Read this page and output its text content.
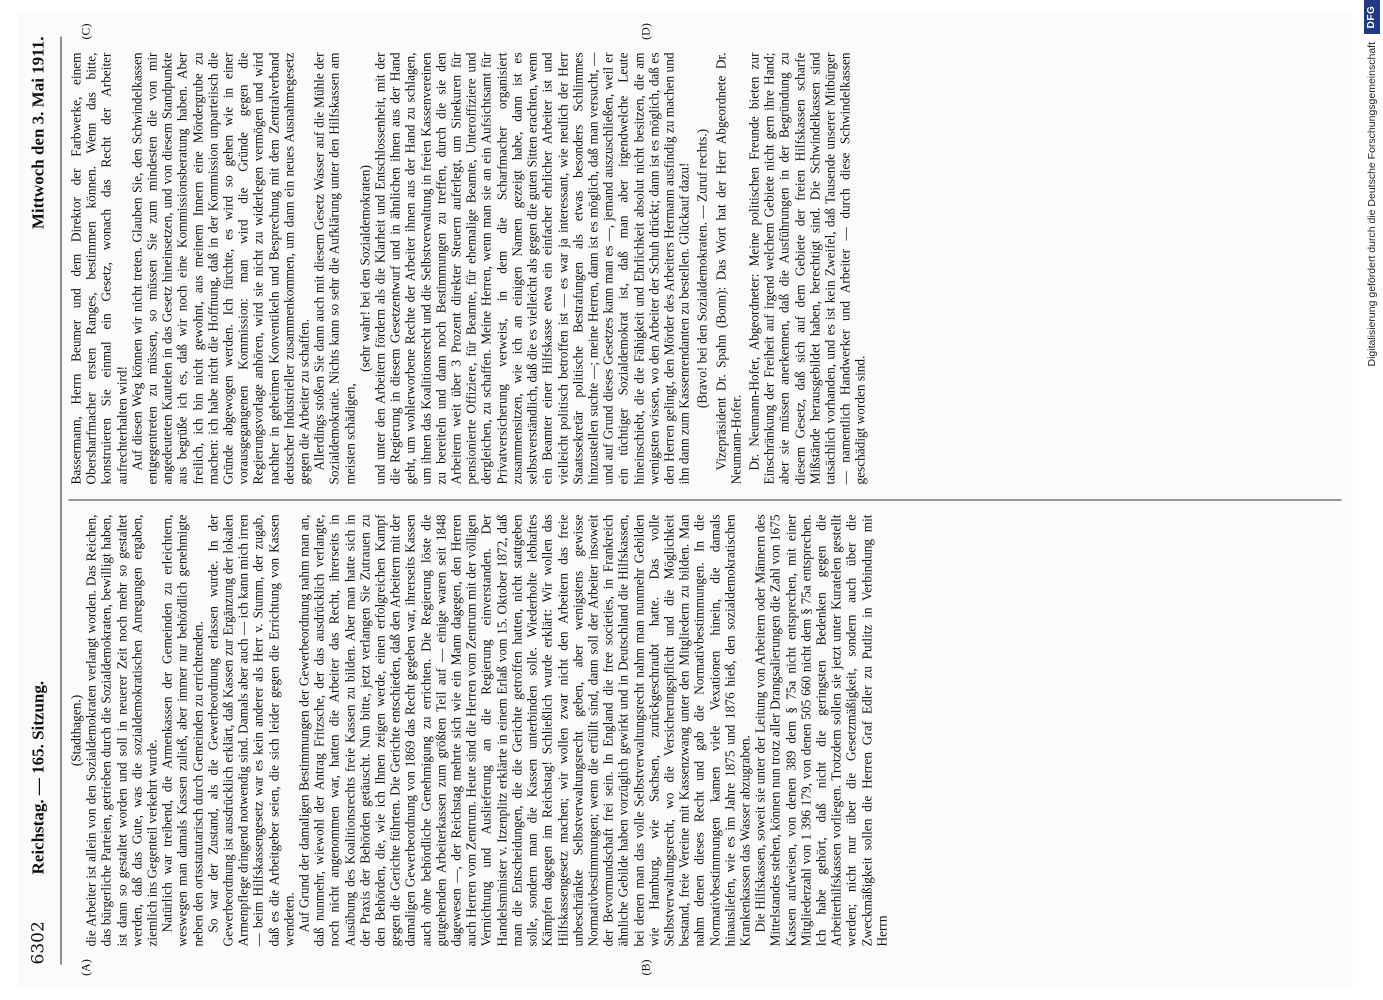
6302
Reichstag. — 165. Sitzung.
Mittwoch den 3. Mai 1911.
(A)	(B)
(C)	(D)

(Stadthagen.) die Arbeiter ist allein von den Sozialdemokraten verlangt worden. Das Reichen, das bürgerliche Parteien, getrieben durch die Sozialdemokraten, bewilligt haben, ist dann so gestaltet worden und soll in neuerer Zeit noch mehr so gestaltet werden, daß das Gute, was die sozialdemokratischen Anregungen ergaben, ziemlich ins Gegenteil verkehrt wurde. Natürlich war treibend, die Armenkassen der Gemeinden zu erleichtern, weswegen man damals Kassen zuließ, aber immer nur behördlich genehmigte neben den ortsstatutarisch durch Gemeinden zu errichtenden. So war der Zustand, als die Gewerbeordnung erlassen wurde. In der Gewerbeordnung ist ausdrücklich erklärt, daß Kassen zur Ergänzung der lokalen Armenpflege dringend notwendig sind. Damals aber auch — ich kann mich irren — beim Hilfskassengesetz war es kein anderer als Herr v. Stumm, der zugab, daß es die Arbeitgeber seien, die sich leider gegen die Errichtung von Kassen wendeten. Auf Grund der damaligen Bestimmungen der Gewerbeordnung nahm man an, daß nunmehr, wiewohl der Antrag Fritzsche, der das ausdrücklich verlangte, noch nicht angenommen war, hatten die Arbeiter das Recht, ihrerseits in Ausübung des Koalitionsrechts freie Kassen zu bilden. Aber man hatte sich in der Praxis der Behörden getäuscht. Nun bitte, jetzt verlangen Sie Zutrauen zu den Behörden, die, wie ich Ihnen zeigen werde, einen erfolgreichen Kampf gegen die Gerichte führten. Die Gerichte entschieden, daß den Arbeitern mit der damaligen Gewerbeordnung von 1869 das Recht gegeben war, ihrerseits Kassen auch ohne behördliche Genehmigung zu errichten. Die Regierung löste die gutgehenden Arbeiterkassen zum größten Teil auf — einige waren seit 1848 dagewesen —, der Reichstag mehrte sich wie ein Mann dagegen, den Herren auch Herren vom Zentrum. Heute sind die Herren vom Zentrum mit der völligen Vernichtung und Auslieferung an die Regierung einverstanden. Der Handelsminister v. Itzenplitz erklärte in einem Erlaß vom 15. Oktober 1872, daß man die Entscheidungen, die die Gerichte getroffen hatten, nicht stattgeben solle, sondern man die Kassen unterbinden solle. Wiederholte lebhaftes Kämpfen dagegen im Reichstag! Schließlich wurde erklärt: Wir wollen das Hilfskassengesetz machen; wir wollen zwar nicht den Arbeitern das freie unbeschränkte Selbstverwaltungsrecht geben, aber wenigstens gewisse Normativbestimmungen; wenn die erfüllt sind, dann soll der Arbeiter insoweit der Bevormundschaft frei sein. In England die free societies, in Frankreich ähnliche Gebilde haben vorzüglich gewirkt und in Deutschland die Hilfskassen, bei denen man das volle Selbstverwaltungsrecht nahm man nunmehr Gebilden wie Hamburg, wie Sachsen, zurückgeschraubt hatte. Das volle Selbstverwaltungsrecht, wo die Versicherungspflicht und die Möglichkeit bestand, freie Vereine mit Kassenzwang unter den Mitgliedern zu bilden. Man nahm denen dieses Recht und gab die Normativbestimmungen. In die Normativbestimmungen kamen viele Vexationen hinein, die damals hinausliefen, wie es im Jahre 1875 und 1876 hieß, den sozialdemokratischen Krankenkassen das Wasser abzugraben. Die Hilfskassen, soweit sie unter der Leitung von Arbeitern oder Männern des Mittelstandes stehen, können nun trotz aller Drangsalierungen die Zahl von 1675 Kassen aufweisen, von denen 389 dem § 75a nicht entsprechen, mit einer Mitgliederzahl von 1 396 179, von denen 505 660 nicht dem § 75a entsprechen. Ich habe gehört, daß nicht die geringsten Bedenken gegen die Arbeiterhilfskassen vorliegen. Trotzdem sollen sie jetzt unter Kuratelen gestellt werden; nicht nur über die Gesetzmäßigkeit, sondern auch über die Zweckmäßigkeit sollen die Herren Graf Edler zu Putlitz in Verbindung mit Herrn

Bassermann, Herrn Beumer und dem Direktor der Farbwerke, einem Obersharfmacher ersten Ranges, bestimmen können. Wenn das bitte, konstruieren Sie einmal ein Gesetz, wonach das Recht der Arbeiter aufrechterhalten wird! Auf diesen Weg können wir nicht treten. Glauben Sie, den Schwindelkassen entgegentreten zu müssen, so müssen Sie zum mindesten die von mir angedeuteten Kautelen in das Gesetz hineinsetzen, und von diesem Standpunkte aus begrüße ich es, daß wir noch eine Kommissionsberatung haben. Aber freilich, ich bin nicht gewohnt, aus meinem Innern eine Mördergrube zu machen: ich habe nicht die Hoffnung, daß in der Kommission unparteiisch die Gründe abgewogen werden. Ich fürchte, es wird so gehen wie in einer vorausgegangenen Kommission: man wird die Gründe gegen die Regierungsvorlage anhören, wird sie nicht zu widerlegen vermögen und wird nachher in geheimen Konventikeln und Besprechung mit dem Zentralverband deutscher Industrieller zusammenkommen, um dann ein neues Ausnahmegesetz gegen die Arbeiter zu schaffen. Allerdings stoßen Sie dann auch mit diesem Gesetz Wasser auf die Mühle der Sozialdemokratie. Nichts kann so sehr die Aufklärung unter den Hilfskassen am meisten schädigen,

(sehr wahr! bei den Sozialdemokraten) und unter den Arbeitern fördern als die Klarheit und Entschlossenheit, mit der die Regierung in diesem Gesetzentwurf und in ähnlichen ihnen aus der Hand geht, um wohlerworbene Rechte der Arbeiter ihnen aus der Hand zu schlagen, um ihnen das Koalitionsrecht und die Selbstverwaltung in freien Kassenvereinen zu bereiteln und dann noch Bestimmungen zu treffen, durch die sie den Arbeitern weit über 3 Prozent direkter Steuern auferlegt, um Sinekuren für pensionierte Offiziere, für Beamte, für ehemalige Beamte, Unteroffiziere und dergleichen, zu schaffen. Meine Herren, wenn man sie an ein Aufsichtsamt für Privatversicherung verweist, in dem die Scharfmacher organisiert zusammensitzen, wie ich an einigen Namen gezeigt habe, dann ist es selbstverständlich, daß die es vielleicht als gegen die guten Sitten erachten, wenn ein Beamter einer Hilfskasse etwa ein einfacher ehrlicher Arbeiter ist und vielleicht politisch betroffen ist — es war ja interessant, wie neulich der Herr Staatssekretär politische Bestrafungen als etwas besonders Schlimmes hinzustellen suchte —; meine Herren, dann ist es möglich, daß man versucht, — und auf Grund dieses Gesetzes kann man es —, jemand auszuschließen, weil er ein tüchtiger Sozialdemokrat ist, daß man aber irgendwelche Leute hineinschiebt, die die Fähigkeit und Ehrlichkeit absolut nicht besitzen, die am wenigsten wissen, wo den Arbeiter der Schuh drückt; dann ist es möglich, daß es den Herren gelingt, den Mörder des Arbeiters Hermann ausfindig zu machen und ihn dann zum Kassenrendanten zu bestellen. Glückauf dazu! (Bravo! bei den Sozialdemokraten. — Zuruf rechts.) Vizepräsident Dr. Spahn (Bonn): Das Wort hat der Herr Abgeordnete Dr. Neumann-Hofer. Dr. Neumann-Hofer, Abgeordneter: Meine politischen Freunde bieten zur Einschränkung der Freiheit auf irgend welchem Gebiete nicht gern ihre Hand; aber sie müssen anerkennen, daß die Ausführungen in der Begründung zu diesem Gesetz, daß sich auf dem Gebiete der freien Hilfskassen scharfe Mißstände herausgebildet haben, berechtigt sind. Die Schwindelkassen sind tatsächlich vorhanden, und es ist kein Zweifel, daß Tausende unserer Mitbürger — namentlich Handwerker und Arbeiter — durch diese Schwindelkassen geschädigt worden sind.

Digitalisierung gefördert durch die Deutsche Forschungsgemeinschaft
DFG
